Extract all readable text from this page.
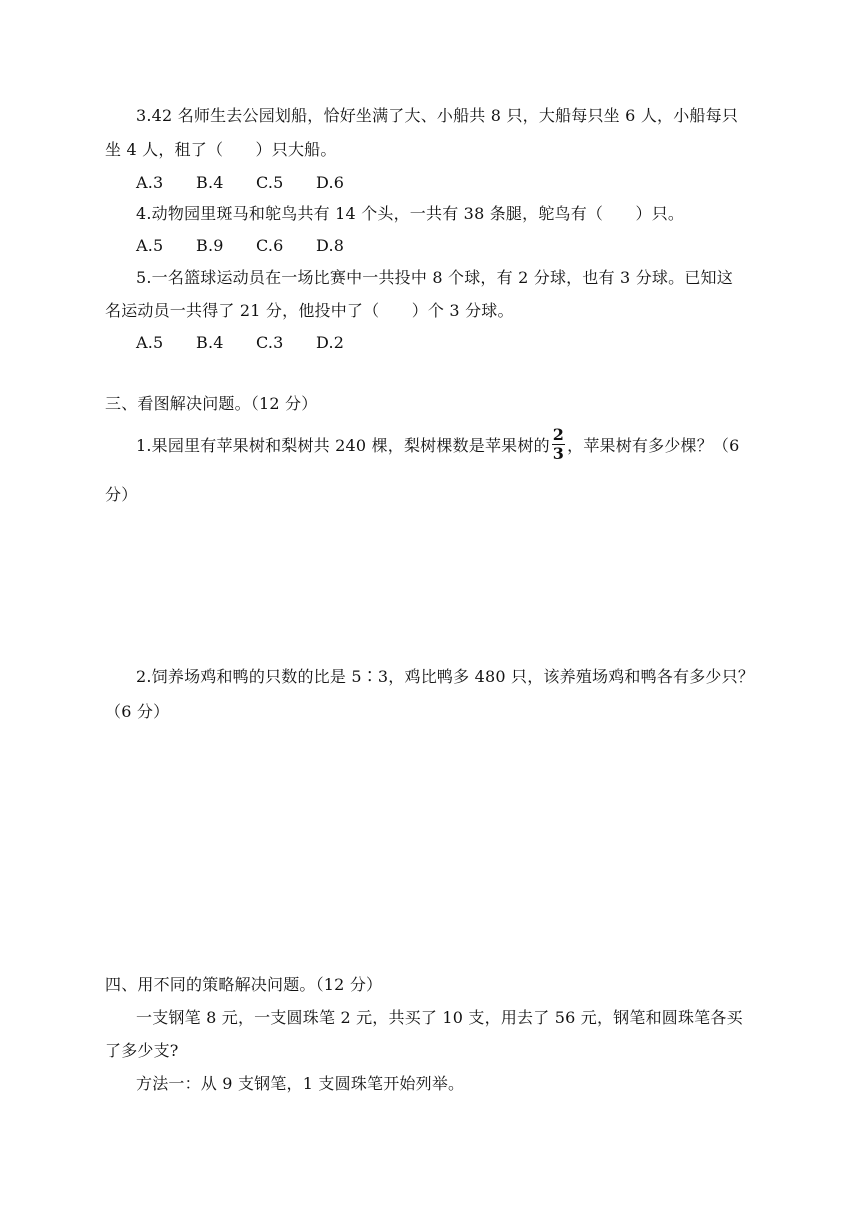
3.42 名师生去公园划船，恰好坐满了大、小船共 8 只，大船每只坐 6 人，小船每只
坐 4 人，租了（　　）只大船。
A.3 B.4 C.5 D.6
4.动物园里斑马和鸵鸟共有 14 个头，一共有 38 条腿，鸵鸟有（　　）只。
A.5 B.9 C.6 D.8
5.一名篮球运动员在一场比赛中一共投中 8 个球，有 2 分球，也有 3 分球。已知这
名运动员一共得了 21 分，他投中了（　　）个 3 分球。
A.5 B.4 C.3 D.2
三、看图解决问题。（12 分）
1.果园里有苹果树和梨树共 240 棵，梨树棵数是苹果树的 $\frac{2}{3}$ ，苹果树有多少棵？（6
分）
2.饲养场鸡和鸭的只数的比是 5∶3，鸡比鸭多 480 只，该养殖场鸡和鸭各有多少只？
（6 分）
四、用不同的策略解决问题。（12 分）
一支钢笔 8 元，一支圆珠笔 2 元，共买了 10 支，用去了 56 元，钢笔和圆珠笔各买
了多少支?
方法一：从 9 支钢笔，1 支圆珠笔开始列举。
